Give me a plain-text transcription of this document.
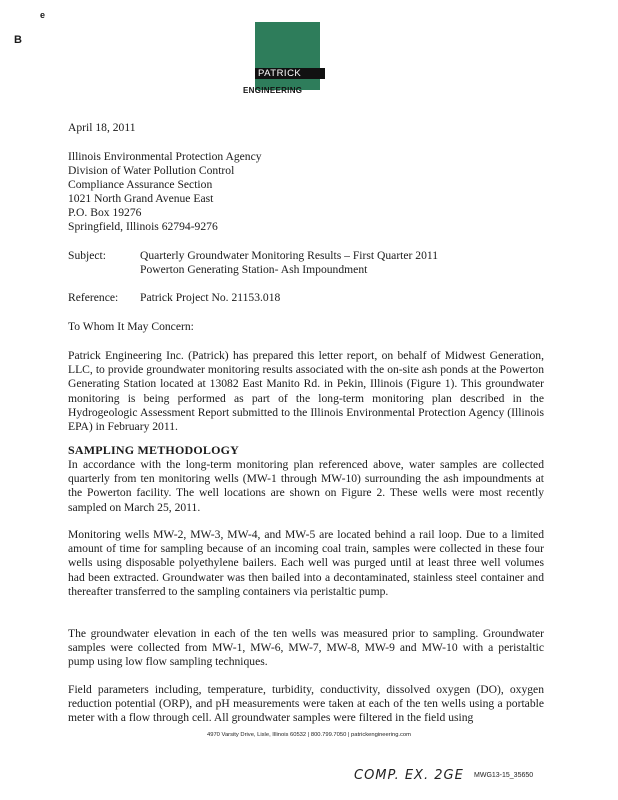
e
B
PATRICK
ENGINEERING
April 18, 2011
Illinois Environmental Protection Agency
Division of Water Pollution Control
Compliance Assurance Section
1021 North Grand Avenue East
P.O. Box 19276
Springfield, Illinois 62794-9276
Subject:	Quarterly Groundwater Monitoring Results – First Quarter 2011
Powerton Generating Station- Ash Impoundment
Reference: Patrick Project No. 21153.018
To Whom It May Concern:
Patrick Engineering Inc. (Patrick) has prepared this letter report, on behalf of Midwest Generation, LLC, to provide groundwater monitoring results associated with the on-site ash ponds at the Powerton Generating Station located at 13082 East Manito Rd. in Pekin, Illinois (Figure 1). This groundwater monitoring is being performed as part of the long-term monitoring plan described in the Hydrogeologic Assessment Report submitted to the Illinois Environmental Protection Agency (Illinois EPA) in February 2011.
SAMPLING METHODOLOGY
In accordance with the long-term monitoring plan referenced above, water samples are collected quarterly from ten monitoring wells (MW-1 through MW-10) surrounding the ash impoundments at the Powerton facility. The well locations are shown on Figure 2. These wells were most recently sampled on March 25, 2011.
Monitoring wells MW-2, MW-3, MW-4, and MW-5 are located behind a rail loop. Due to a limited amount of time for sampling because of an incoming coal train, samples were collected in these four wells using disposable polyethylene bailers. Each well was purged until at least three well volumes had been extracted. Groundwater was then bailed into a decontaminated, stainless steel container and thereafter transferred to the sampling containers via peristaltic pump.
The groundwater elevation in each of the ten wells was measured prior to sampling. Groundwater samples were collected from MW-1, MW-6, MW-7, MW-8, MW-9 and MW-10 with a peristaltic pump using low flow sampling techniques.
Field parameters including, temperature, turbidity, conductivity, dissolved oxygen (DO), oxygen reduction potential (ORP), and pH measurements were taken at each of the ten wells using a portable meter with a flow through cell. All groundwater samples were filtered in the field using
4970 Varsity Drive, Lisle, Illinois 60532 | 800.799.7050 | patrickengineering.com
COMP. EX. 2GE MWG13-15_35650
